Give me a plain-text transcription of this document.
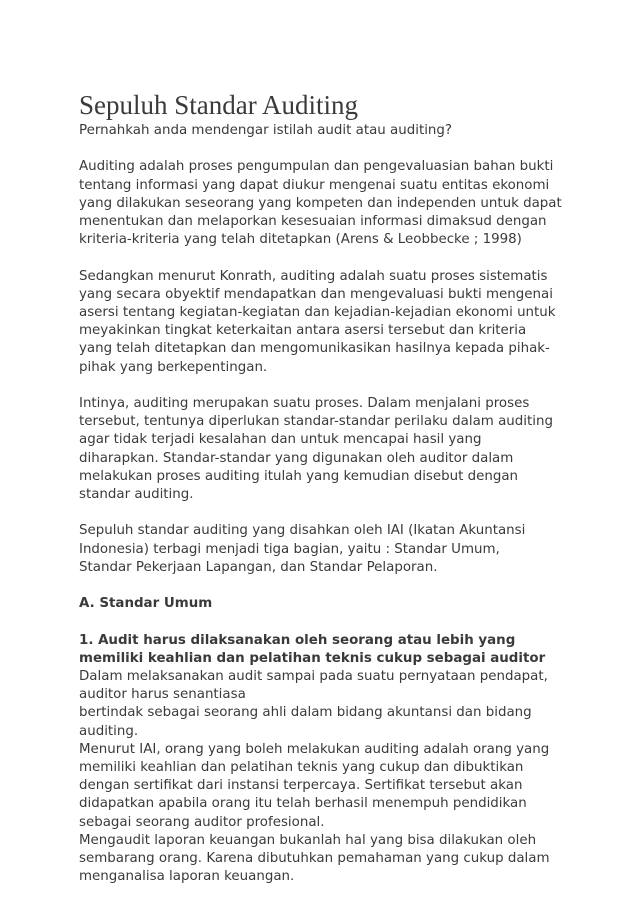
Sepuluh Standar Auditing
Pernahkah anda mendengar istilah audit atau auditing?
Auditing adalah proses pengumpulan dan pengevaluasian bahan bukti
tentang informasi yang dapat diukur mengenai suatu entitas ekonomi
yang dilakukan seseorang yang kompeten dan independen untuk dapat
menentukan dan melaporkan kesesuaian informasi dimaksud dengan
kriteria-kriteria yang telah ditetapkan (Arens & Leobbecke ; 1998)
Sedangkan menurut Konrath, auditing adalah suatu proses sistematis
yang secara obyektif mendapatkan dan mengevaluasi bukti mengenai
asersi tentang kegiatan-kegiatan dan kejadian-kejadian ekonomi untuk
meyakinkan tingkat keterkaitan antara asersi tersebut dan kriteria
yang telah ditetapkan dan mengomunikasikan hasilnya kepada pihak-
pihak yang berkepentingan.
Intinya, auditing merupakan suatu proses. Dalam menjalani proses
tersebut, tentunya diperlukan standar-standar perilaku dalam auditing
agar tidak terjadi kesalahan dan untuk mencapai hasil yang
diharapkan. Standar-standar yang digunakan oleh auditor dalam
melakukan proses auditing itulah yang kemudian disebut dengan
standar auditing.
Sepuluh standar auditing yang disahkan oleh IAI (Ikatan Akuntansi
Indonesia) terbagi menjadi tiga bagian, yaitu : Standar Umum,
Standar Pekerjaan Lapangan, dan Standar Pelaporan.
A. Standar Umum
1. Audit harus dilaksanakan oleh seorang atau lebih yang
memiliki keahlian dan pelatihan teknis cukup sebagai auditor
Dalam melaksanakan audit sampai pada suatu pernyataan pendapat,
auditor harus senantiasa
bertindak sebagai seorang ahli dalam bidang akuntansi dan bidang
auditing.
Menurut IAI, orang yang boleh melakukan auditing adalah orang yang
memiliki keahlian dan pelatihan teknis yang cukup dan dibuktikan
dengan sertifikat dari instansi terpercaya. Sertifikat tersebut akan
didapatkan apabila orang itu telah berhasil menempuh pendidikan
sebagai seorang auditor profesional.
Mengaudit laporan keuangan bukanlah hal yang bisa dilakukan oleh
sembarang orang. Karena dibutuhkan pemahaman yang cukup dalam
menganalisa laporan keuangan.
